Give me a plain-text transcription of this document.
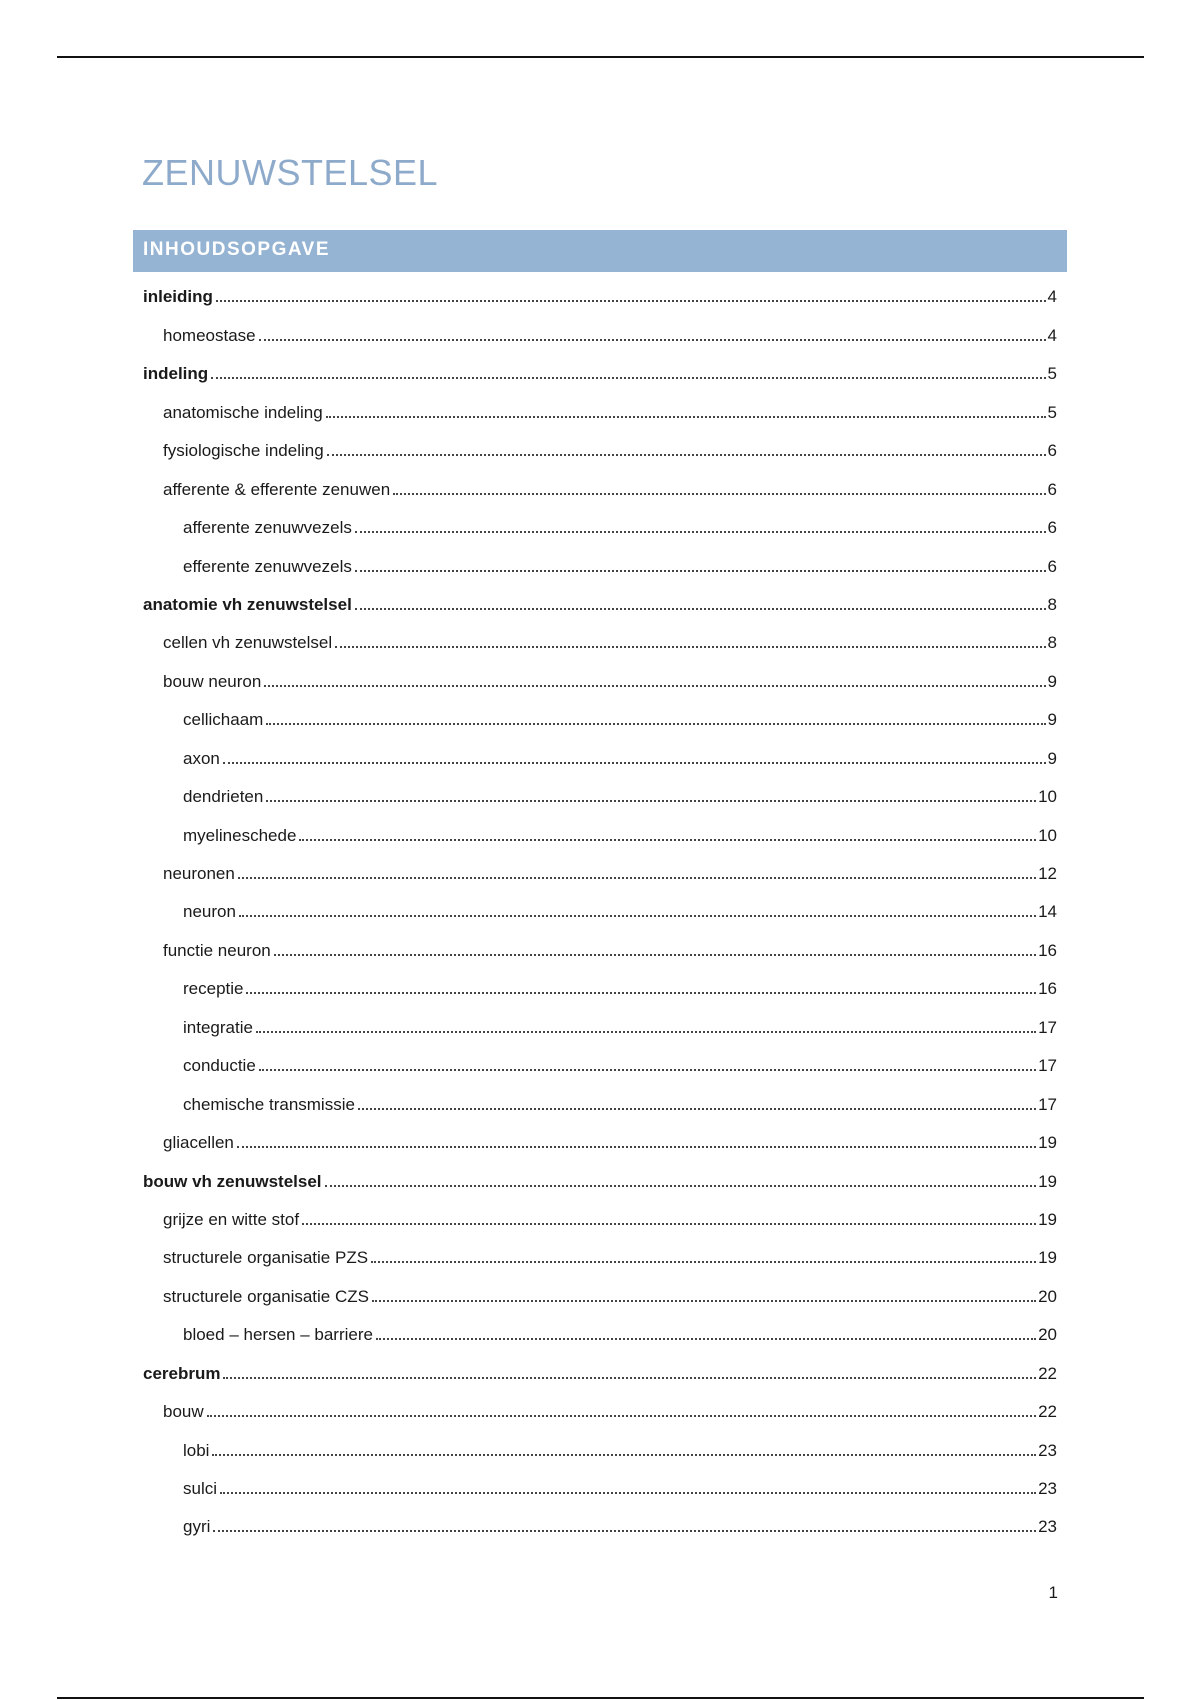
ZENUWSTELSEL
INHOUDSOPGAVE
inleiding	4
homeostase	4
indeling	5
anatomische indeling	5
fysiologische indeling	6
afferente & efferente zenuwen	6
afferente zenuwvezels	6
efferente zenuwvezels	6
anatomie vh zenuwstelsel	8
cellen vh zenuwstelsel	8
bouw neuron	9
cellichaam	9
axon	9
dendrieten	10
myelineschede	10
neuronen	12
neuron	14
functie neuron	16
receptie	16
integratie	17
conductie	17
chemische transmissie	17
gliacellen	19
bouw vh zenuwstelsel	19
grijze en witte stof	19
structurele organisatie PZS	19
structurele organisatie CZS	20
bloed – hersen – barriere	20
cerebrum	22
bouw	22
lobi	23
sulci	23
gyri	23
1
